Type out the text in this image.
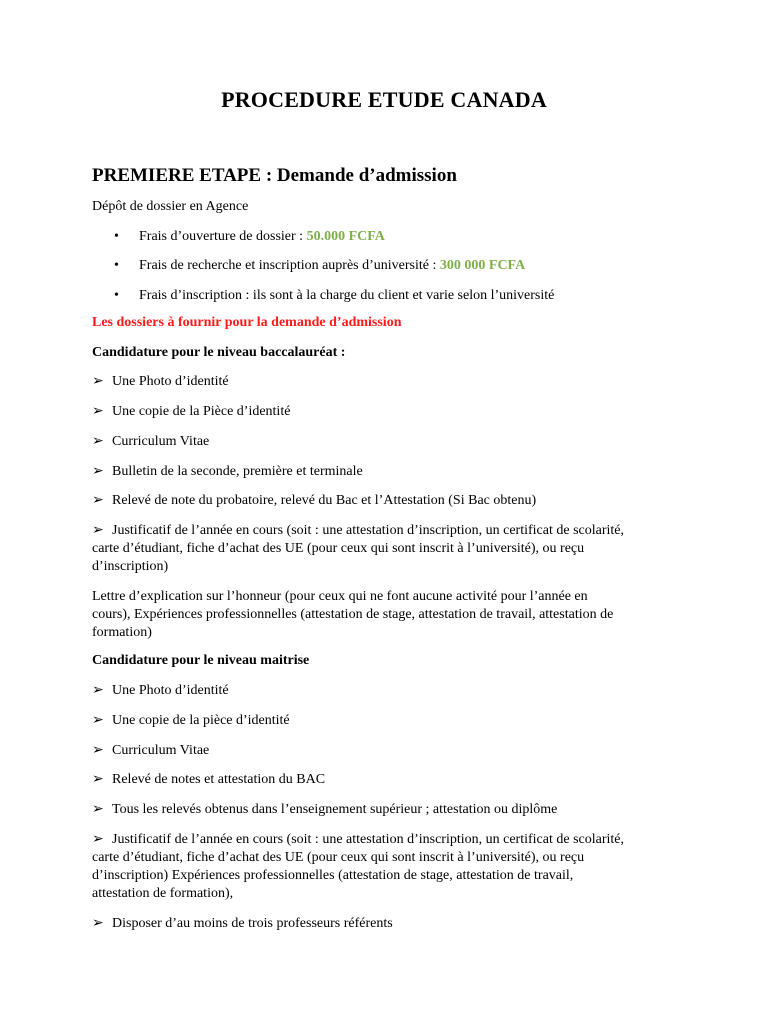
PROCEDURE ETUDE CANADA
PREMIERE ETAPE : Demande d’admission
Dépôt de dossier en Agence
• Frais d’ouverture de dossier : 50.000 FCFA
• Frais de recherche et inscription auprès d’université : 300 000 FCFA
• Frais d’inscription : ils sont à la charge du client et varie selon l’université
Les dossiers à fournir pour la demande d’admission
Candidature pour le niveau baccalauréat :
➢ Une Photo d’identité
➢ Une copie de la Pièce d’identité
➢ Curriculum Vitae
➢ Bulletin de la seconde, première et terminale
➢ Relevé de note du probatoire, relevé du Bac et l’Attestation (Si Bac obtenu)
➢ Justificatif de l’année en cours (soit : une attestation d’inscription, un certificat de scolarité,
carte d’étudiant, fiche d’achat des UE (pour ceux qui sont inscrit à l’université), ou reçu
d’inscription)
Lettre d’explication sur l’honneur (pour ceux qui ne font aucune activité pour l’année en
cours), Expériences professionnelles (attestation de stage, attestation de travail, attestation de
formation)
Candidature pour le niveau maitrise
➢ Une Photo d’identité
➢ Une copie de la pièce d’identité
➢ Curriculum Vitae
➢ Relevé de notes et attestation du BAC
➢ Tous les relevés obtenus dans l’enseignement supérieur ; attestation ou diplôme
➢ Justificatif de l’année en cours (soit : une attestation d’inscription, un certificat de scolarité,
carte d’étudiant, fiche d’achat des UE (pour ceux qui sont inscrit à l’université), ou reçu
d’inscription) Expériences professionnelles (attestation de stage, attestation de travail,
attestation de formation),
➢ Disposer d’au moins de trois professeurs référents
